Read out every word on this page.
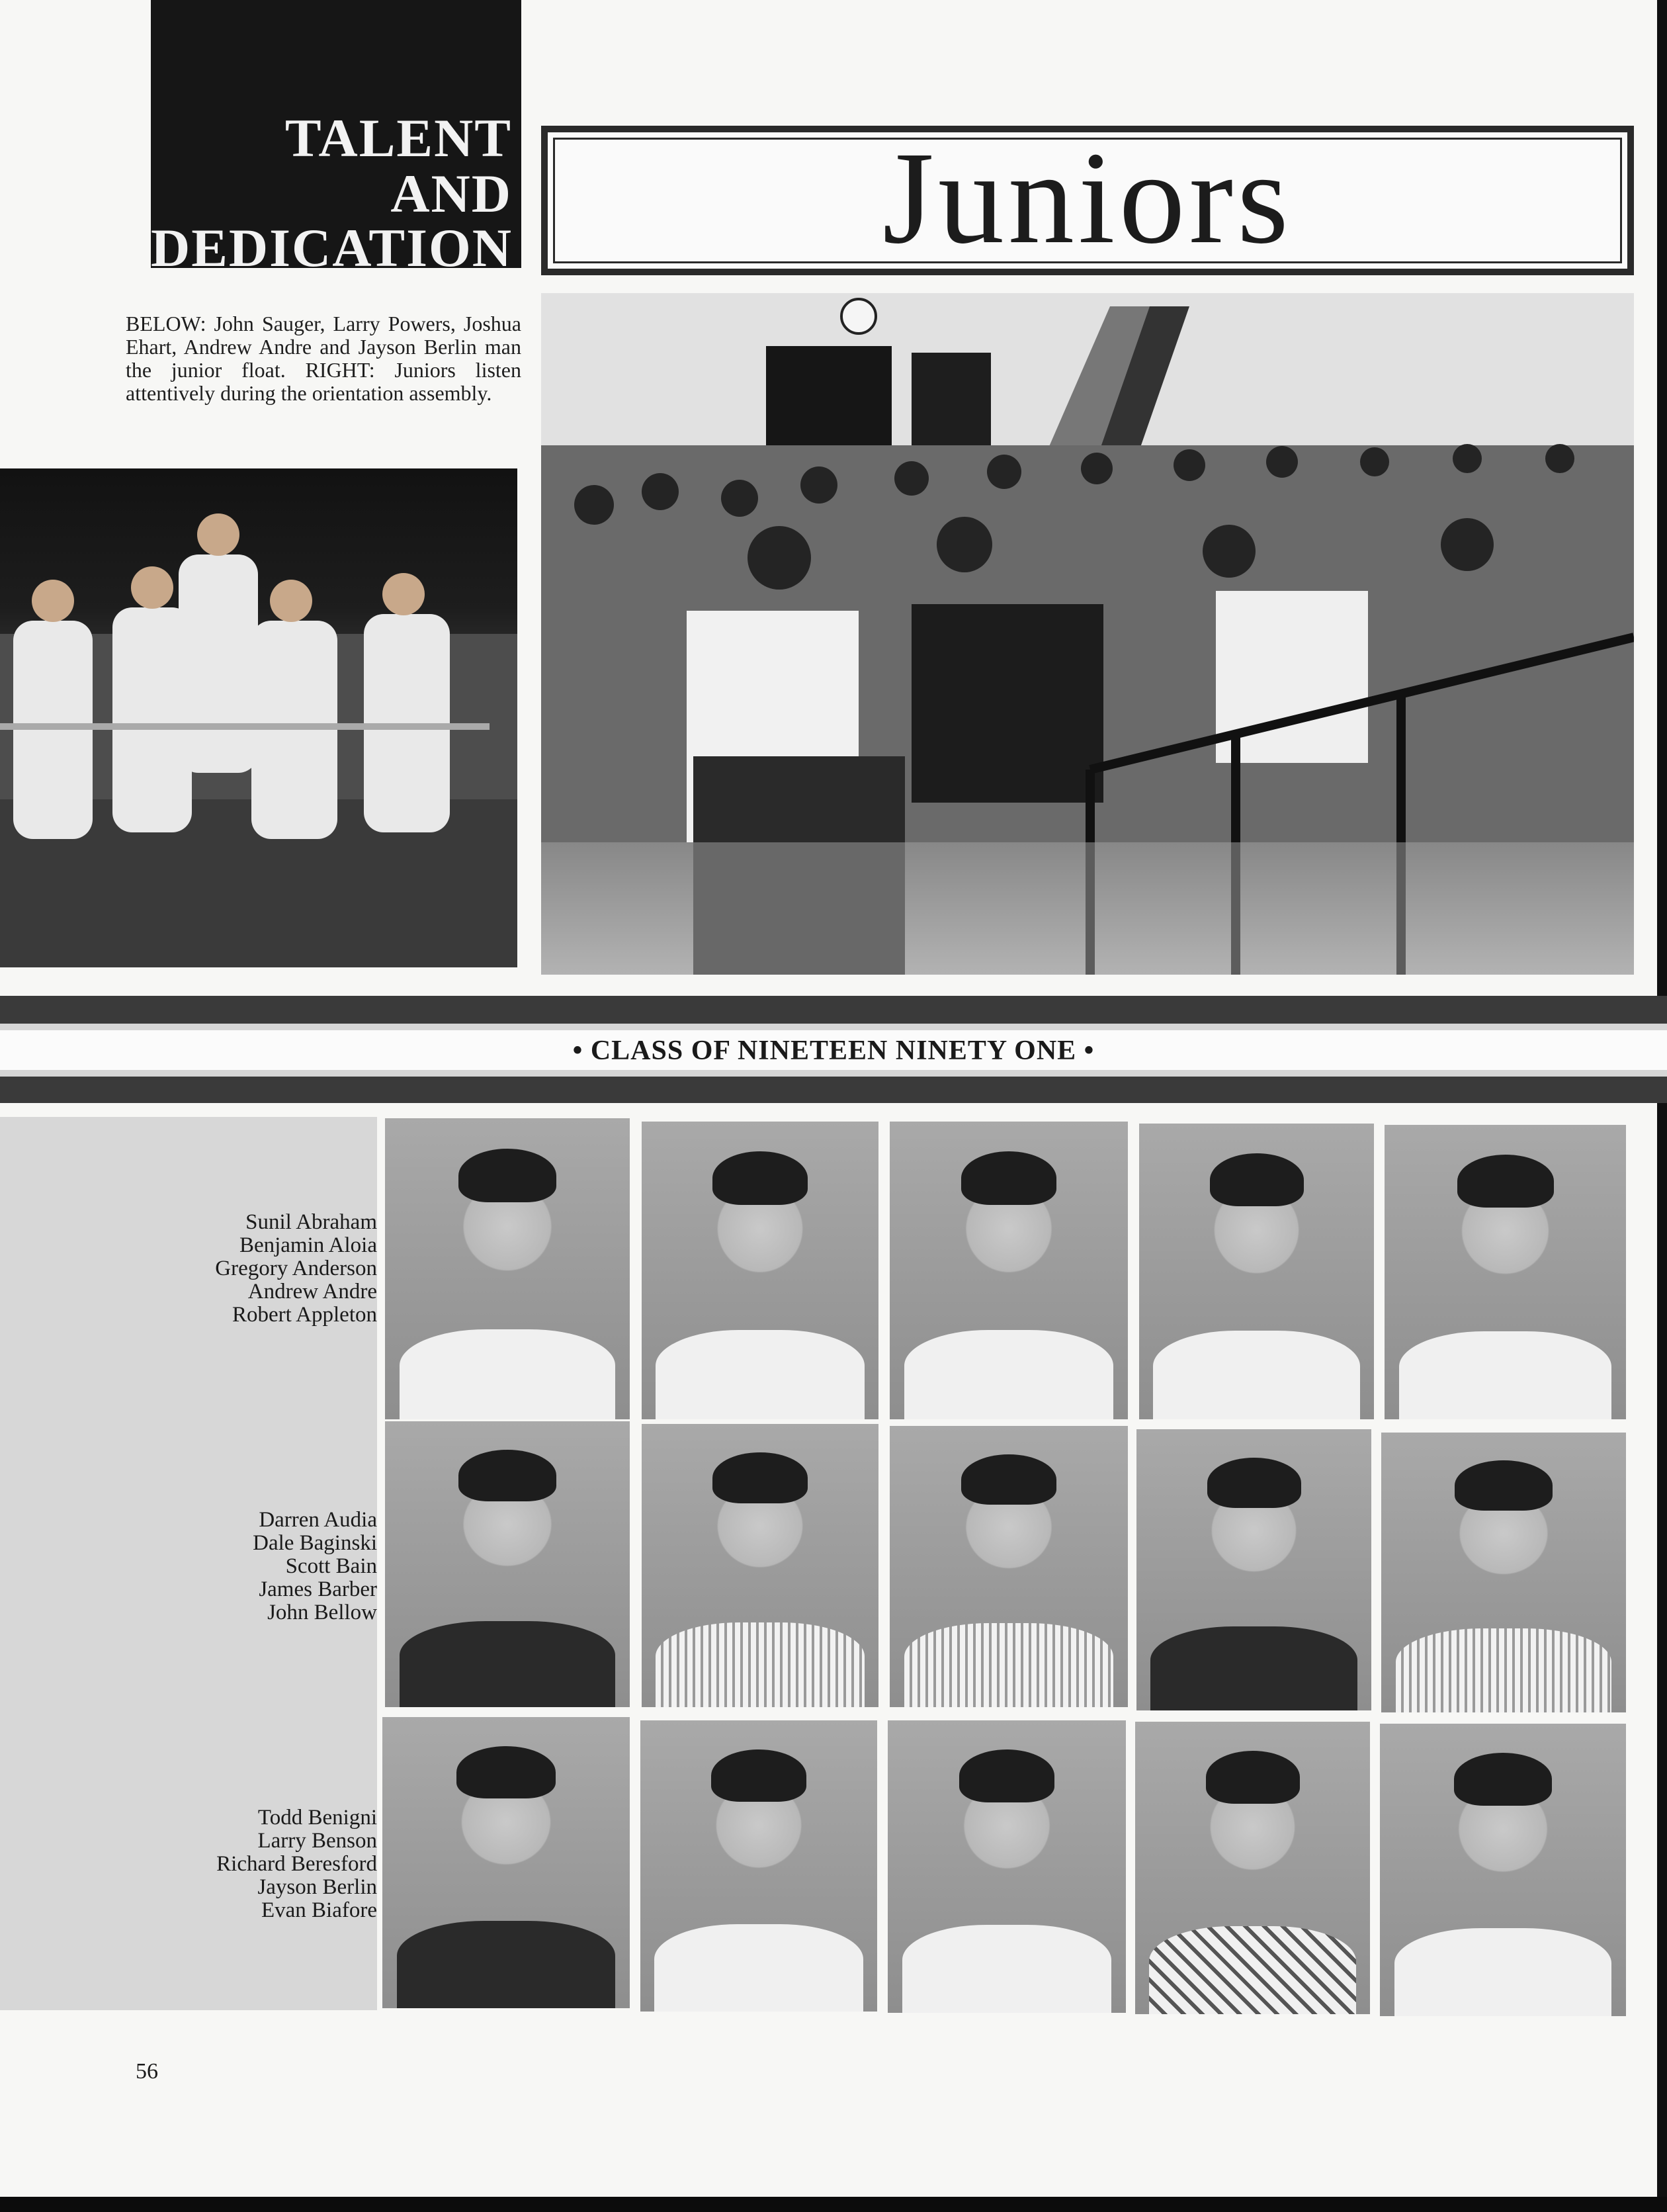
TALENT
AND
DEDICATION	Juniors
BELOW: John Sauger, Larry Powers, Joshua Ehart, Andrew Andre and Jayson Berlin man the junior float. RIGHT: Juniors listen attentively during the orientation assembly.
• CLASS OF NINETEEN NINETY ONE •
Sunil Abraham
Benjamin Aloia
Gregory Anderson
Andrew Andre
Robert Appleton
Darren Audia
Dale Baginski
Scott Bain
James Barber
John Bellow
Todd Benigni
Larry Benson
Richard Beresford
Jayson Berlin
Evan Biafore
56
